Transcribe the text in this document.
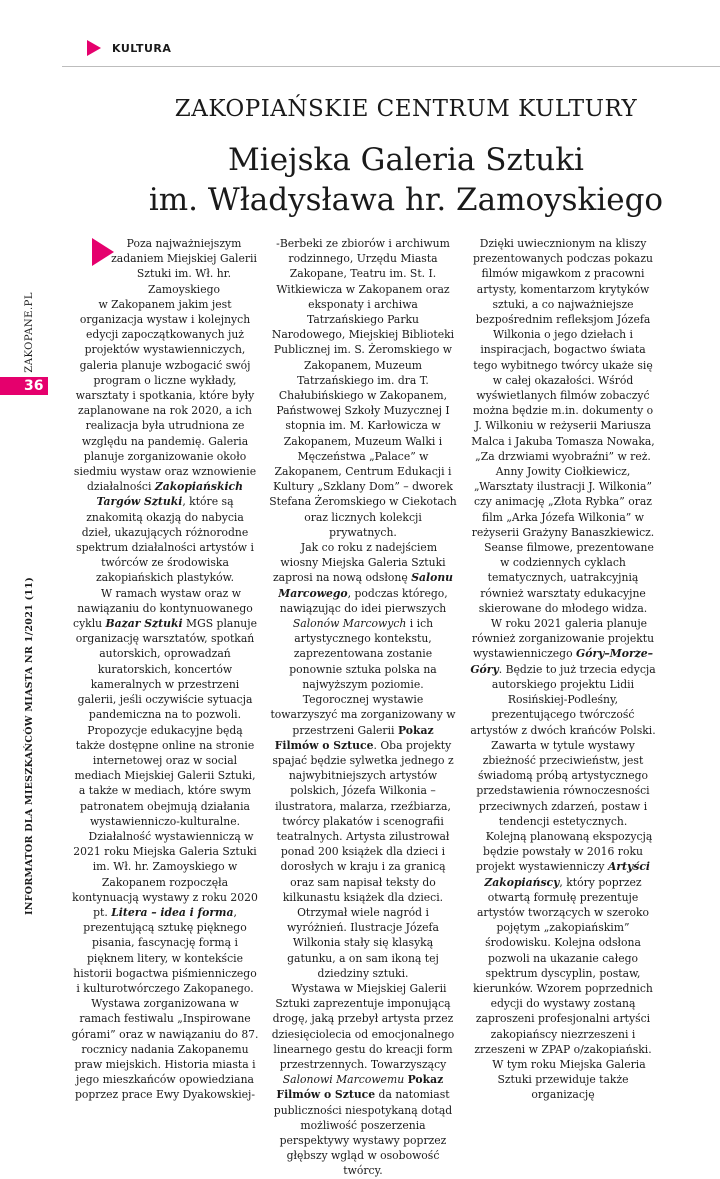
KULTURA
ZAKOPANE.PL
INFORMATOR DLA MIESZKAŃCÓW MIASTA NR 1/2021 (11)
36
ZAKOPIAŃSKIE CENTRUM KULTURY
Miejska Galeria Sztuki
im. Władysława hr. Zamoyskiego

Poza najważniejszym zadaniem Miejskiej Galerii Sztuki im. Wł. hr. Zamoyskiego

w Zakopanem jakim jest organizacja wystaw i kolejnych edycji zapoczątkowanych już projektów wystawienniczych, galeria planuje wzbogacić swój program o liczne wykłady, warsztaty i spotkania, które były zaplanowane na rok 2020, a ich realizacja była utrudniona ze względu na pandemię. Galeria planuje zorganizowanie około siedmiu wystaw oraz wznowienie działalności Zakopiańskich Targów Sztuki, które są znakomitą okazją do nabycia dzieł, ukazujących różnorodne spektrum działalności artystów i twórców ze środowiska zakopiańskich plastyków.

W ramach wystaw oraz w nawiązaniu do kontynuowanego cyklu Bazar Sztuki MGS planuje organizację warsztatów, spotkań autorskich, oprowadzań kuratorskich, koncertów kameralnych w przestrzeni galerii, jeśli oczywiście sytuacja pandemiczna na to pozwoli. Propozycje edukacyjne będą także dostępne online na stronie internetowej oraz w social mediach Miejskiej Galerii Sztuki, a także w mediach, które swym patronatem obejmują działania wystawienniczo-kulturalne.

Działalność wystawienniczą w 2021 roku Miejska Galeria Sztuki im. Wł. hr. Zamoyskiego w Zakopanem rozpoczęła kontynuacją wystawy z roku 2020 pt. Litera – idea i forma, prezentującą sztukę pięknego pisania, fascynację formą i pięknem litery, w kontekście historii bogactwa piśmienniczego i kulturotwórczego Zakopanego. Wystawa zorganizowana w ramach festiwalu „Inspirowane górami” oraz w nawiązaniu do 87. rocznicy nadania Zakopanemu praw miejskich. Historia miasta i jego mieszkańców opowiedziana poprzez prace Ewy Dyakowskiej-

-Berbeki ze zbiorów i archiwum rodzinnego, Urzędu Miasta Zakopane, Teatru im. St. I. Witkiewicza w Zakopanem oraz eksponaty i archiwa Tatrzańskiego Parku Narodowego, Miejskiej Biblioteki Publicznej im. S. Żeromskiego w Zakopanem, Muzeum Tatrzańskiego im. dra T. Chałubińskiego w Zakopanem, Państwowej Szkoły Muzycznej I stopnia im. M. Karłowicza w Zakopanem, Muzeum Walki i Męczeństwa „Palace” w Zakopanem, Centrum Edukacji i Kultury „Szklany Dom” – dworek Stefana Żeromskiego w Ciekotach oraz licznych kolekcji prywatnych.

Jak co roku z nadejściem wiosny Miejska Galeria Sztuki zaprosi na nową odsłonę Salonu Marcowego, podczas którego, nawiązując do idei pierwszych Salonów Marcowych i ich artystycznego kontekstu, zaprezentowana zostanie ponownie sztuka polska na najwyższym poziomie. Tegorocznej wystawie towarzyszyć ma zorganizowany w przestrzeni Galerii Pokaz Filmów o Sztuce. Oba projekty spajać będzie sylwetka jednego z najwybitniejszych artystów polskich, Józefa Wilkonia – ilustratora, malarza, rzeźbiarza, twórcy plakatów i scenografii teatralnych. Artysta zilustrował ponad 200 książek dla dzieci i dorosłych w kraju i za granicą oraz sam napisał teksty do kilkunastu książek dla dzieci. Otrzymał wiele nagród i wyróżnień. Ilustracje Józefa Wilkonia stały się klasyką gatunku, a on sam ikoną tej dziedziny sztuki.

Wystawa w Miejskiej Galerii Sztuki zaprezentuje imponującą drogę, jaką przebył artysta przez dziesięciolecia od emocjonalnego linearnego gestu do kreacji form przestrzennych. Towarzyszący Salonowi Marcowemu Pokaz Filmów o Sztuce da natomiast publiczności niespotykaną dotąd możliwość poszerzenia perspektywy wystawy poprzez głębszy wgląd w osobowość twórcy.

Dzięki uwiecznionym na kliszy prezentowanych podczas pokazu filmów migawkom z pracowni artysty, komentarzom krytyków sztuki, a co najważniejsze bezpośrednim refleksjom Józefa Wilkonia o jego dziełach i inspiracjach, bogactwo świata tego wybitnego twórcy ukaże się w całej okazałości. Wśród wyświetlanych filmów zobaczyć można będzie m.in. dokumenty o J. Wilkoniu w reżyserii Mariusza Malca i Jakuba Tomasza Nowaka, „Za drzwiami wyobraźni” w reż. Anny Jowity Ciołkiewicz, „Warsztaty ilustracji J. Wilkonia” czy animację „Złota Rybka” oraz film „Arka Józefa Wilkonia” w reżyserii Grażyny Banaszkiewicz.

Seanse filmowe, prezentowane w codziennych cyklach tematycznych, uatrakcyjnią również warsztaty edukacyjne skierowane do młodego widza.

W roku 2021 galeria planuje również zorganizowanie projektu wystawienniczego Góry–Morze–Góry. Będzie to już trzecia edycja autorskiego projektu Lidii Rosińskiej-Podleśny, prezentującego twórczość artystów z dwóch krańców Polski. Zawarta w tytule wystawy zbieżność przeciwieństw, jest świadomą próbą artystycznego przedstawienia równoczesności przeciwnych zdarzeń, postaw i tendencji estetycznych.

Kolejną planowaną ekspozycją będzie powstały w 2016 roku projekt wystawienniczy Artyści Zakopiańscy, który poprzez otwartą formułę prezentuje artystów tworzących w szeroko pojętym „zakopiańskim” środowisku. Kolejna odsłona pozwoli na ukazanie całego spektrum dyscyplin, postaw, kierunków. Wzorem poprzednich edycji do wystawy zostaną zaproszeni profesjonalni artyści zakopiańscy niezrzeszeni i zrzeszeni w ZPAP o/zakopiański.

W tym roku Miejska Galeria Sztuki przewiduje także organizację
